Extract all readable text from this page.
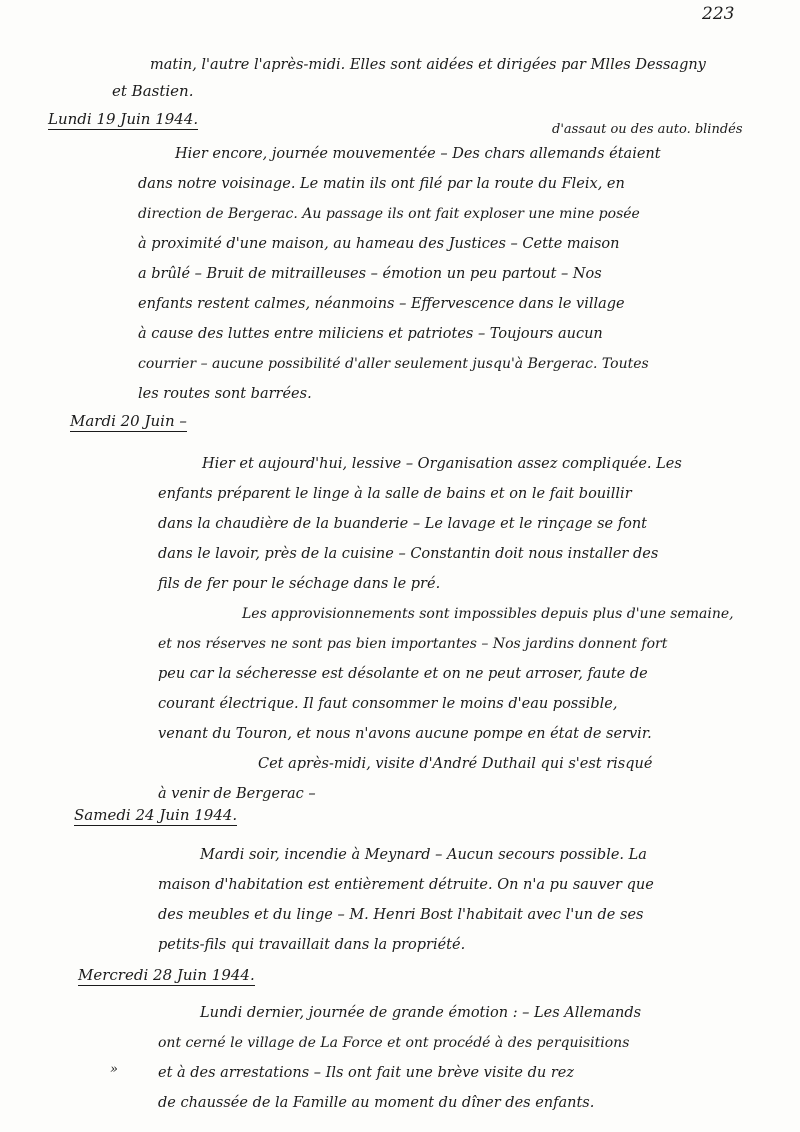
223
matin, l'autre l'après-midi. Elles sont aidées et dirigées par Mlles Dessagny
et Bastien.
Lundi 19 Juin 1944.
d'assaut ou des auto. blindés
Hier encore, journée mouvementée – Des chars allemands étaient
dans notre voisinage. Le matin ils ont filé par la route du Fleix, en
direction de Bergerac. Au passage ils ont fait exploser une mine posée
à proximité d'une maison, au hameau des Justices – Cette maison
a brûlé – Bruit de mitrailleuses – émotion un peu partout – Nos
enfants restent calmes, néanmoins – Effervescence dans le village
à cause des luttes entre miliciens et patriotes – Toujours aucun
courrier – aucune possibilité d'aller seulement jusqu'à Bergerac. Toutes
les routes sont barrées.
Mardi 20 Juin –
Hier et aujourd'hui, lessive – Organisation assez compliquée. Les
enfants préparent le linge à la salle de bains et on le fait bouillir
dans la chaudière de la buanderie – Le lavage et le rinçage se font
dans le lavoir, près de la cuisine – Constantin doit nous installer des
fils de fer pour le séchage dans le pré.
Les approvisionnements sont impossibles depuis plus d'une semaine,
et nos réserves ne sont pas bien importantes – Nos jardins donnent fort
peu car la sécheresse est désolante et on ne peut arroser, faute de
courant électrique. Il faut consommer le moins d'eau possible,
venant du Touron, et nous n'avons aucune pompe en état de servir.
Cet après-midi, visite d'André Duthail qui s'est risqué
à venir de Bergerac –
Samedi 24 Juin 1944.
Mardi soir, incendie à Meynard – Aucun secours possible. La
maison d'habitation est entièrement détruite. On n'a pu sauver que
des meubles et du linge – M. Henri Bost l'habitait avec l'un de ses
petits-fils qui travaillait dans la propriété.
Mercredi 28 Juin 1944.
Lundi dernier, journée de grande émotion : – Les Allemands
ont cerné le village de La Force et ont procédé à des perquisitions
»	et à des arrestations – Ils ont fait une brève visite du rez
de chaussée de la Famille au moment du dîner des enfants.
